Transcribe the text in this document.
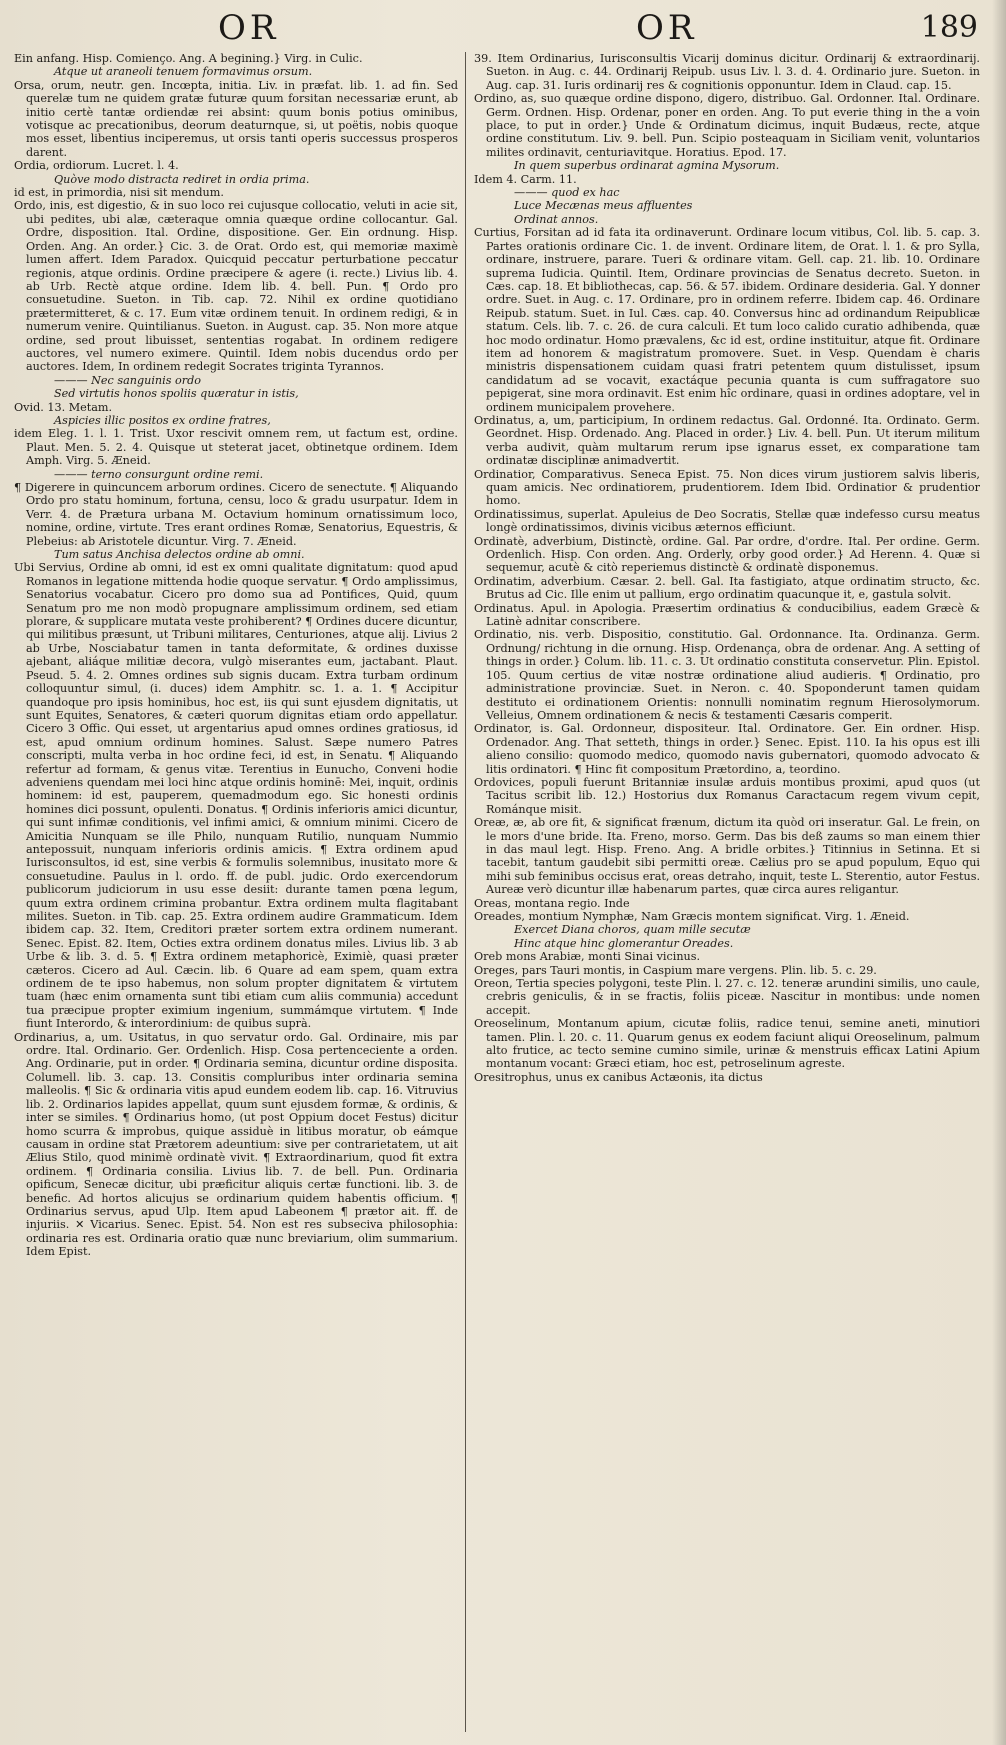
OR	OR	189

Ein anfang. Hisp. Comienço. Ang. A begining.} Virg. in Culic.

Atque ut araneoli tenuem formavimus orsum.

Orsa, orum, neutr. gen. Incœpta, initia. Liv. in præfat. lib. 1. ad fin. Sed querelæ tum ne quidem gratæ futuræ quum forsitan necessariæ erunt, ab initio certè tantæ ordiendæ rei absint: quum bonis potius ominibus, votisque ac precationibus, deorum deaturnque, si, ut poëtis, nobis quoque mos esset, libentius inciperemus, ut orsis tanti operis successus prosperos darent.

Ordia, ordiorum. Lucret. l. 4.

Quòve modo distracta rediret in ordia prima.

id est, in primordia, nisi sit mendum.

Ordo, inis, est digestio, & in suo loco rei cujusque collocatio, veluti in acie sit, ubi pedites, ubi alæ, cæteraque omnia quæque ordine collocantur. Gal. Ordre, disposition. Ital. Ordine, dispositione. Ger. Ein ordnung. Hisp. Orden. Ang. An order.} Cic. 3. de Orat. Ordo est, qui memoriæ maximè lumen affert. Idem Paradox. Quicquid peccatur perturbatione peccatur regionis, atque ordinis. Ordine præcipere & agere (i. recte.) Livius lib. 4. ab Urb. Rectè atque ordine. Idem lib. 4. bell. Pun. ¶ Ordo pro consuetudine. Sueton. in Tib. cap. 72. Nihil ex ordine quotidiano prætermitteret, & c. 17. Eum vitæ ordinem tenuit. In ordinem redigi, & in numerum venire. Quintilianus. Sueton. in August. cap. 35. Non more atque ordine, sed prout libuisset, sententias rogabat. In ordinem redigere auctores, vel numero eximere. Quintil. Idem nobis ducendus ordo per auctores. Idem, In ordinem redegit Socrates triginta Tyrannos.

——— Nec sanguinis ordo

Sed virtutis honos spoliis quæratur in istis,

Ovid. 13. Metam.

Aspicies illic positos ex ordine fratres,

idem Eleg. 1. l. 1. Trist. Uxor rescivit omnem rem, ut factum est, ordine. Plaut. Men. 5. 2. 4. Quisque ut steterat jacet, obtinetque ordinem. Idem Amph. Virg. 5. Æneid.

——— terno consurgunt ordine remi.

¶ Digerere in quincuncem arborum ordines. Cicero de senectute. ¶ Aliquando Ordo pro statu hominum, fortuna, censu, loco & gradu usurpatur. Idem in Verr. 4. de Prætura urbana M. Octavium hominum ornatissimum loco, nomine, ordine, virtute. Tres erant ordines Romæ, Senatorius, Equestris, & Plebeius: ab Aristotele dicuntur. Virg. 7. Æneid.

Tum satus Anchisa delectos ordine ab omni.

Ubi Servius, Ordine ab omni, id est ex omni qualitate dignitatum: quod apud Romanos in legatione mittenda hodie quoque servatur. ¶ Ordo amplissimus, Senatorius vocabatur. Cicero pro domo sua ad Pontifices, Quid, quum Senatum pro me non modò propugnare amplissimum ordinem, sed etiam plorare, & supplicare mutata veste prohiberent? ¶ Ordines ducere dicuntur, qui militibus præsunt, ut Tribuni militares, Centuriones, atque alij. Livius 2 ab Urbe, Nosciabatur tamen in tanta deformitate, & ordines duxisse ajebant, aliáque militiæ decora, vulgò miserantes eum, jactabant. Plaut. Pseud. 5. 4. 2. Omnes ordines sub signis ducam. Extra turbam ordinum colloquuntur simul, (i. duces) idem Amphitr. sc. 1. a. 1. ¶ Accipitur quandoque pro ipsis hominibus, hoc est, iis qui sunt ejusdem dignitatis, ut sunt Equites, Senatores, & cæteri quorum dignitas etiam ordo appellatur. Cicero 3 Offic. Qui esset, ut argentarius apud omnes ordines gratiosus, id est, apud omnium ordinum homines. Salust. Sæpe numero Patres conscripti, multa verba in hoc ordine feci, id est, in Senatu. ¶ Aliquando refertur ad formam, & genus vitæ. Terentius in Eunucho, Conveni hodie adveniens quendam mei loci hinc atque ordinis hominē: Mei, inquit, ordinis hominem: id est, pauperem, quemadmodum ego. Sic honesti ordinis homines dici possunt, opulenti. Donatus. ¶ Ordinis inferioris amici dicuntur, qui sunt infimæ conditionis, vel infimi amici, & omnium minimi. Cicero de Amicitia Nunquam se ille Philo, nunquam Rutilio, nunquam Nummio antepossuit, nunquam inferioris ordinis amicis. ¶ Extra ordinem apud Iurisconsultos, id est, sine verbis & formulis solemnibus, inusitato more & consuetudine. Paulus in l. ordo. ff. de publ. judic. Ordo exercendorum publicorum judiciorum in usu esse desiit: durante tamen pœna legum, quum extra ordinem crimina probantur. Extra ordinem multa flagitabant milites. Sueton. in Tib. cap. 25. Extra ordinem audire Grammaticum. Idem ibidem cap. 32. Item, Creditori præter sortem extra ordinem numerant. Senec. Epist. 82. Item, Octies extra ordinem donatus miles. Livius lib. 3 ab Urbe & lib. 3. d. 5. ¶ Extra ordinem metaphoricè, Eximiè, quasi præter cæteros. Cicero ad Aul. Cæcin. lib. 6 Quare ad eam spem, quam extra ordinem de te ipso habemus, non solum propter dignitatem & virtutem tuam (hæc enim ornamenta sunt tibi etiam cum aliis communia) accedunt tua præcipue propter eximium ingenium, summámque virtutem. ¶ Inde fiunt Interordo, & interordinium: de quibus suprà.

Ordinarius, a, um. Usitatus, in quo servatur ordo. Gal. Ordinaire, mis par ordre. Ital. Ordinario. Ger. Ordenlich. Hisp. Cosa pertenceciente a orden. Ang. Ordinarie, put in order. ¶ Ordinaria semina, dicuntur ordine disposita. Columell. lib. 3. cap. 13. Consitis compluribus inter ordinaria semina malleolis. ¶ Sic & ordinaria vitis apud eundem eodem lib. cap. 16. Vitruvius lib. 2. Ordinarios lapides appellat, quum sunt ejusdem formæ, & ordinis, & inter se similes. ¶ Ordinarius homo, (ut post Oppium docet Festus) dicitur homo scurra & improbus, quique assiduè in litibus moratur, ob eámque causam in ordine stat Prætorem adeuntium: sive per contrarietatem, ut ait Ælius Stilo, quod minimè ordinatè vivit. ¶ Extraordinarium, quod fit extra ordinem. ¶ Ordinaria consilia. Livius lib. 7. de bell. Pun. Ordinaria opificum, Senecæ dicitur, ubi præficitur aliquis certæ functioni. lib. 3. de benefic. Ad hortos alicujus se ordinarium quidem habentis officium. ¶ Ordinarius servus, apud Ulp. Item apud Labeonem ¶ prætor ait. ff. de injuriis. ✕ Vicarius. Senec. Epist. 54. Non est res subseciva philosophia: ordinaria res est. Ordinaria oratio quæ nunc breviarium, olim summarium. Idem Epist.

39. Item Ordinarius, Iurisconsultis Vicarij dominus dicitur. Ordinarij & extraordinarij. Sueton. in Aug. c. 44. Ordinarij Reipub. usus Liv. l. 3. d. 4. Ordinario jure. Sueton. in Aug. cap. 31. Iuris ordinarij res & cognitionis opponuntur. Idem in Claud. cap. 15.

Ordino, as, suo quæque ordine dispono, digero, distribuo. Gal. Ordonner. Ital. Ordinare. Germ. Ordnen. Hisp. Ordenar, poner en orden. Ang. To put everie thing in the a voin place, to put in order.} Unde & Ordinatum dicimus, inquit Budæus, recte, atque ordine constitutum. Liv. 9. bell. Pun. Scipio posteaquam in Siciliam venit, voluntarios milites ordinavit, centuriavitque. Horatius. Epod. 17.

In quem superbus ordinarat agmina Mysorum.

Idem 4. Carm. 11.

——— quod ex hac

Luce Mecænas meus affluentes

Ordinat annos.

Curtius, Forsitan ad id fata ita ordinaverunt. Ordinare locum vitibus, Col. lib. 5. cap. 3. Partes orationis ordinare Cic. 1. de invent. Ordinare litem, de Orat. l. 1. & pro Sylla, ordinare, instruere, parare. Tueri & ordinare vitam. Gell. cap. 21. lib. 10. Ordinare suprema Iudicia. Quintil. Item, Ordinare provincias de Senatus decreto. Sueton. in Cæs. cap. 18. Et bibliothecas, cap. 56. & 57. ibidem. Ordinare desideria. Gal. Y donner ordre. Suet. in Aug. c. 17. Ordinare, pro in ordinem referre. Ibidem cap. 46. Ordinare Reipub. statum. Suet. in Iul. Cæs. cap. 40. Conversus hinc ad ordinandum Reipublicæ statum. Cels. lib. 7. c. 26. de cura calculi. Et tum loco calido curatio adhibenda, quæ hoc modo ordinatur. Homo prævalens, &c id est, ordine instituitur, atque fit. Ordinare item ad honorem & magistratum promovere. Suet. in Vesp. Quendam è charis ministris dispensationem cuidam quasi fratri petentem quum distulisset, ipsum candidatum ad se vocavit, exactáque pecunia quanta is cum suffragatore suo pepigerat, sine mora ordinavit. Est enim hîc ordinare, quasi in ordines adoptare, vel in ordinem municipalem provehere.

Ordinatus, a, um, participium, In ordinem redactus. Gal. Ordonné. Ita. Ordinato. Germ. Geordnet. Hisp. Ordenado. Ang. Placed in order.} Liv. 4. bell. Pun. Ut iterum militum verba audivit, quàm multarum rerum ipse ignarus esset, ex comparatione tam ordinatæ disciplinæ animadvertit.

Ordinatior, Comparativus. Seneca Epist. 75. Non dices virum justiorem salvis liberis, quam amicis. Nec ordinatiorem, prudentiorem. Idem Ibid. Ordinatior & prudentior homo.

Ordinatissimus, superlat. Apuleius de Deo Socratis, Stellæ quæ indefesso cursu meatus longè ordinatissimos, divinis vicibus æternos efficiunt.

Ordinatè, adverbium, Distinctè, ordine. Gal. Par ordre, d'ordre. Ital. Per ordine. Germ. Ordenlich. Hisp. Con orden. Ang. Orderly, orby good order.} Ad Herenn. 4. Quæ si sequemur, acutè & citò reperiemus distinctè & ordinatè disponemus.

Ordinatim, adverbium. Cæsar. 2. bell. Gal. Ita fastigiato, atque ordinatim structo, &c. Brutus ad Cic. Ille enim ut pallium, ergo ordinatim quacunque it, e, gastula solvit.

Ordinatus. Apul. in Apologia. Præsertim ordinatius & conducibilius, eadem Græcè & Latinè adnitar conscribere.

Ordinatio, nis. verb. Dispositio, constitutio. Gal. Ordonnance. Ita. Ordinanza. Germ. Ordnung/ richtung in die ornung. Hisp. Ordenança, obra de ordenar. Ang. A setting of things in order.} Colum. lib. 11. c. 3. Ut ordinatio constituta conservetur. Plin. Epistol. 105. Quum certius de vitæ nostræ ordinatione aliud audieris. ¶ Ordinatio, pro administratione provinciæ. Suet. in Neron. c. 40. Spoponderunt tamen quidam destituto ei ordinationem Orientis: nonnulli nominatim regnum Hierosolymorum. Velleius, Omnem ordinationem & necis & testamenti Cæsaris comperit.

Ordinator, is. Gal. Ordonneur, dispositeur. Ital. Ordinatore. Ger. Ein ordner. Hisp. Ordenador. Ang. That setteth, things in order.} Senec. Epist. 110. Ia his opus est illi alieno consilio: quomodo medico, quomodo navis gubernatori, quomodo advocato & litis ordinatori. ¶ Hinc fit compositum Prætordino, a, teordino.

Ordovices, populi fuerunt Britanniæ insulæ arduis montibus proximi, apud quos (ut Tacitus scribit lib. 12.) Hostorius dux Romanus Caractacum regem vivum cepit, Románque misit.

Oreæ, æ, ab ore fit, & significat frænum, dictum ita quòd ori inseratur. Gal. Le frein, on le mors d'une bride. Ita. Freno, morso. Germ. Das bis deß zaums so man einem thier in das maul legt. Hisp. Freno. Ang. A bridle orbites.} Titinnius in Setinna. Et si tacebit, tantum gaudebit sibi permitti oreæ. Cælius pro se apud populum, Equo qui mihi sub feminibus occisus erat, oreas detraho, inquit, teste L. Sterentio, autor Festus. Aureæ verò dicuntur illæ habenarum partes, quæ circa aures religantur.

Oreas, montana regio. Inde

Oreades, montium Nymphæ, Nam Græcis montem significat. Virg. 1. Æneid.

Exercet Diana choros, quam mille secutæ

Hinc atque hinc glomerantur Oreades.

Oreb mons Arabiæ, monti Sinai vicinus.

Oreges, pars Tauri montis, in Caspium mare vergens. Plin. lib. 5. c. 29.

Oreon, Tertia species polygoni, teste Plin. l. 27. c. 12. teneræ arundini similis, uno caule, crebris geniculis, & in se fractis, foliis piceæ. Nascitur in montibus: unde nomen accepit.

Oreoselinum, Montanum apium, cicutæ foliis, radice tenui, semine aneti, minutiori tamen. Plin. l. 20. c. 11. Quarum genus ex eodem faciunt aliqui Oreoselinum, palmum alto frutice, ac tecto semine cumino simile, urinæ & menstruis efficax Latini Apium montanum vocant: Græci etiam, hoc est, petroselinum agreste.

Oresitrophus, unus ex canibus Actæonis, ita dictus
